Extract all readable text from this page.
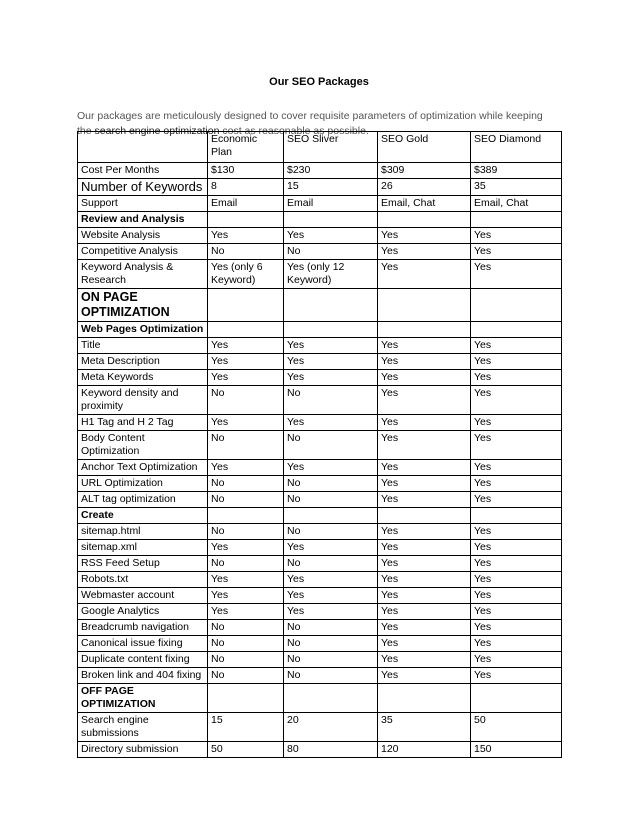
Our SEO Packages

Our packages are meticulously designed to cover requisite parameters of optimization while keeping the search engine optimization cost as reasonable as possible.

	Economic Plan	SEO Sliver	SEO Gold	SEO Diamond
Cost Per Months	$130	$230	$309	$389
Number of Keywords	8	15	26	35
Support	Email	Email	Email, Chat	Email, Chat
Review and Analysis				
Website Analysis	Yes	Yes	Yes	Yes
Competitive Analysis	No	No	Yes	Yes
Keyword Analysis & Research	Yes (only 6 Keyword)	Yes (only 12 Keyword)	Yes	Yes
ON PAGE OPTIMIZATION				
Web Pages Optimization				
Title	Yes	Yes	Yes	Yes
Meta Description	Yes	Yes	Yes	Yes
Meta Keywords	Yes	Yes	Yes	Yes
Keyword density and proximity	No	No	Yes	Yes
H1 Tag and H 2 Tag	Yes	Yes	Yes	Yes
Body Content Optimization	No	No	Yes	Yes
Anchor Text Optimization	Yes	Yes	Yes	Yes
URL Optimization	No	No	Yes	Yes
ALT tag optimization	No	No	Yes	Yes
Create				
sitemap.html	No	No	Yes	Yes
sitemap.xml	Yes	Yes	Yes	Yes
RSS Feed Setup	No	No	Yes	Yes
Robots.txt	Yes	Yes	Yes	Yes
Webmaster account	Yes	Yes	Yes	Yes
Google Analytics	Yes	Yes	Yes	Yes
Breadcrumb navigation	No	No	Yes	Yes
Canonical issue fixing	No	No	Yes	Yes
Duplicate content fixing	No	No	Yes	Yes
Broken link and 404 fixing	No	No	Yes	Yes
OFF PAGE OPTIMIZATION				
Search engine submissions	15	20	35	50
Directory submission	50	80	120	150
